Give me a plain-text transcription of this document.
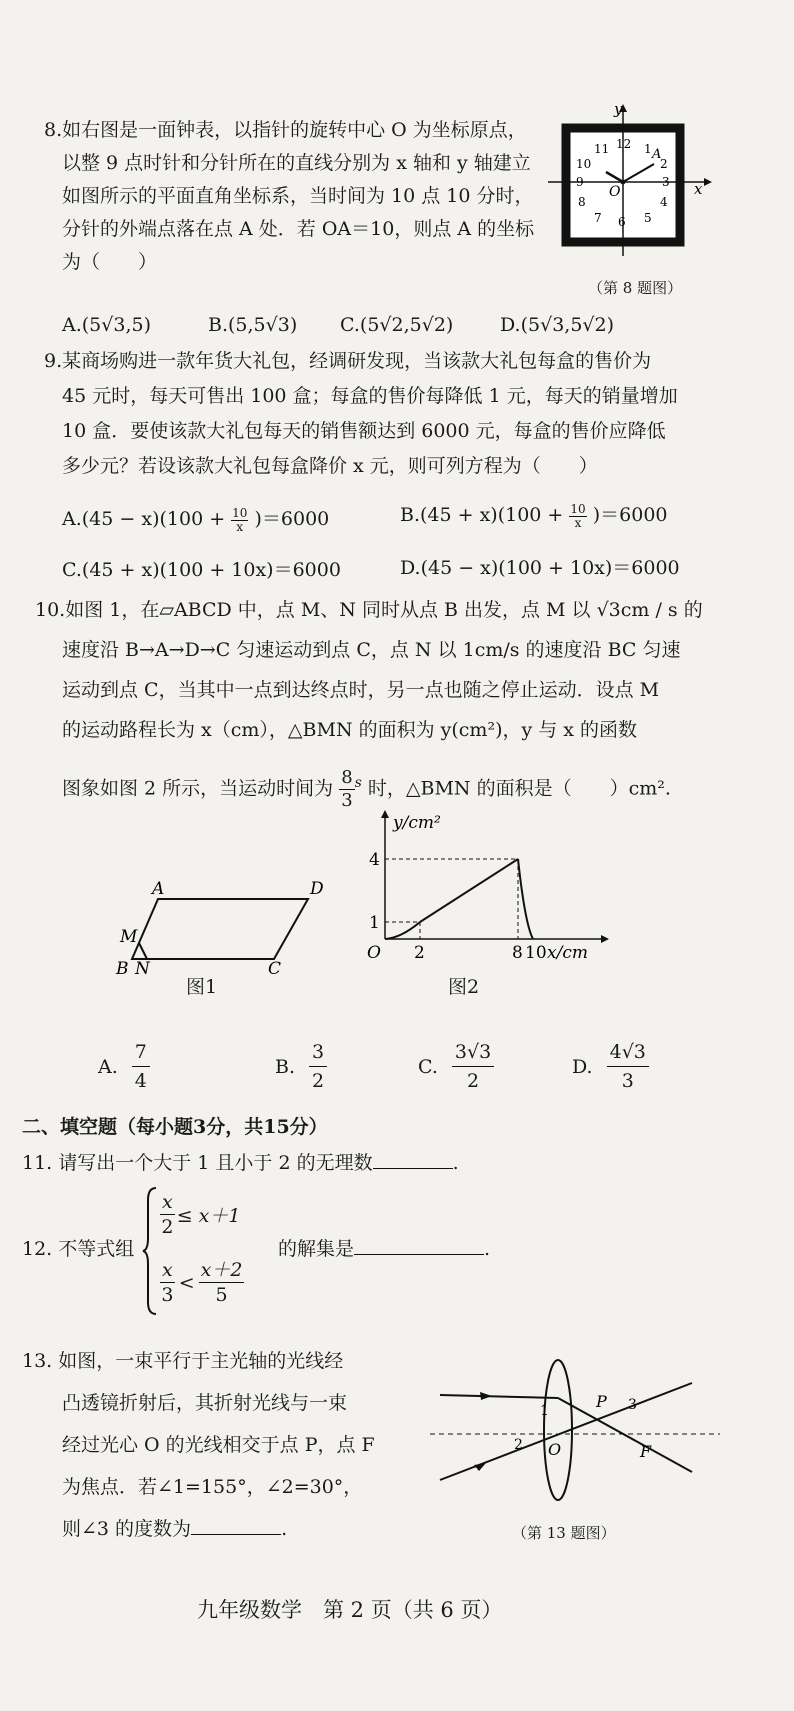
8.如右图是一面钟表，以指针的旋转中心 O 为坐标原点，
以整 9 点时针和分针所在的直线分别为 x 轴和 y 轴建立
如图所示的平面直角坐标系，当时间为 10 点 10 分时，
分针的外端点落在点 A 处．若 OA＝10，则点 A 的坐标
为（　　）
y
x
A
O
12
11	1
10	2
9	3
8	4
7 6 5
（第 8 题图）
A.(5√3,5)	B.(5,5√3) C.(5√2,5√2) D.(5√3,5√2)
9.某商场购进一款年货大礼包，经调研发现，当该款大礼包每盒的售价为
45 元时，每天可售出 100 盒；每盒的售价每降低 1 元，每天的销量增加
10 盒．要使该款大礼包每天的销售额达到 6000 元，每盒的售价应降低
多少元？若设该款大礼包每盒降价 x 元，则可列方程为（　　）
$A.(45 - x)(100 + \frac{10}{x} )=6000$	$B.(45 + x)(100 + \frac{10}{x} )=6000$
C.(45 + x)(100 + 10x)＝6000	D.(45 − x)(100 + 10x)＝6000
10.如图 1，在▱ABCD 中，点 M、N 同时从点 B 出发，点 M 以 √3cm / s 的
速度沿 B→A→D→C 匀速运动到点 C，点 N 以 1cm/s 的速度沿 BC 匀速
运动到点 C，当其中一点到达终点时，另一点也随之停止运动．设点 M
的运动路程长为 x（cm），△BMN 的面积为 y(cm²)，y 与 x 的函数
图象如图 2 所示，当运动时间为 $\frac{8}{3} ^s$ 时，△BMN 的面积是（　　）cm².
A	D
M
B N	C
图1
y/cm²
x/cm
O 2	8 10
1
4
图2
A. $\frac{7}{4}$	B. $\frac{3}{2}$	C. $\frac{3√3}{2}$	D. $\frac{4√3}{3}$
二、填空题（每小题3分，共15分）
11. 请写出一个大于 1 且小于 2 的无理数	.
12. 不等式组
$\frac{x}{2} \le x+1$
$\frac{x}{3}$ <
x＋2
5
的解集是	.
13. 如图，一束平行于主光轴的光线经
凸透镜折射后，其折射光线与一束
经过光心 O 的光线相交于点 P，点 F
为焦点．若∠1=155°，∠2=30°，
则∠3 的度数为	.
1	P 3
2 O	F
（第 13 题图）
九年级数学　第 2 页（共 6 页）
